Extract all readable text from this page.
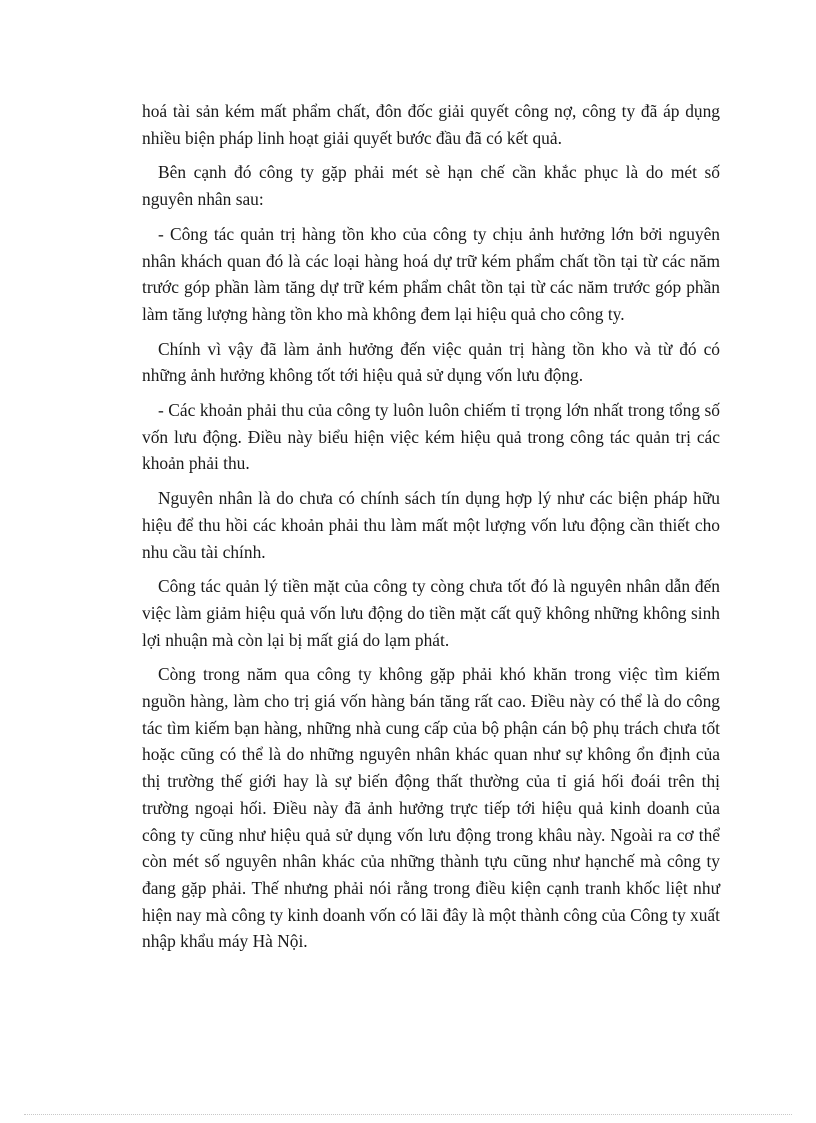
hoá tài sản kém mất phẩm chất, đôn đốc giải quyết công nợ, công ty đã áp dụng nhiều biện pháp linh hoạt giải quyết bước đầu đã có kết quả.

Bên cạnh đó công ty gặp phải mét sè hạn chế cần khắc phục là do mét số nguyên nhân sau:

- Công tác quản trị hàng tồn kho của công ty chịu ảnh hưởng lớn bởi nguyên nhân khách quan đó là các loại hàng hoá dự trữ kém phẩm chất tồn tại từ các năm trước góp phần làm tăng dự trữ kém phẩm chât tồn tại từ các năm trước góp phần làm tăng lượng hàng tồn kho mà không đem lại hiệu quả cho công ty.

Chính vì vậy đã làm ảnh hưởng đến việc quản trị hàng tồn kho và từ đó có những ảnh hưởng không tốt tới hiệu quả sử dụng vốn lưu động.

- Các khoản phải thu của công ty luôn luôn chiếm tỉ trọng lớn nhất trong tổng số vốn lưu động. Điều này biểu hiện việc kém hiệu quả trong công tác quản trị các khoản phải thu.

Nguyên nhân là do chưa có chính sách tín dụng hợp lý như các biện pháp hữu hiệu để thu hồi các khoản phải thu làm mất một lượng vốn lưu động cần thiết cho nhu cầu tài chính.

Công tác quản lý tiền mặt của công ty còng chưa tốt đó là nguyên nhân dẫn đến việc làm giảm hiệu quả vốn lưu động do tiền mặt cất quỹ không những không sinh lợi nhuận mà còn lại bị mất giá do lạm phát.

Còng trong năm qua công ty không gặp phải khó khăn trong việc tìm kiếm nguồn hàng, làm cho trị giá vốn hàng bán tăng rất cao. Điều này có thể là do công tác tìm kiếm bạn hàng, những nhà cung cấp của bộ phận cán bộ phụ trách chưa tốt hoặc cũng có thể là do những nguyên nhân khác quan như sự không ổn định của thị trường thế giới hay là sự biến động thất thường của tỉ giá hối đoái trên thị trường ngoại hối. Điều này đã ảnh hưởng trực tiếp tới hiệu quả kinh doanh của công ty cũng như hiệu quả sử dụng vốn lưu động trong khâu này. Ngoài ra cơ thể còn mét số nguyên nhân khác của những thành tựu cũng như hạnchế mà công ty đang gặp phải. Thế nhưng phải nói rằng trong điều kiện cạnh tranh khốc liệt như hiện nay mà công ty kinh doanh vốn có lãi đây là một thành công của Công ty xuất nhập khẩu máy Hà Nội.
